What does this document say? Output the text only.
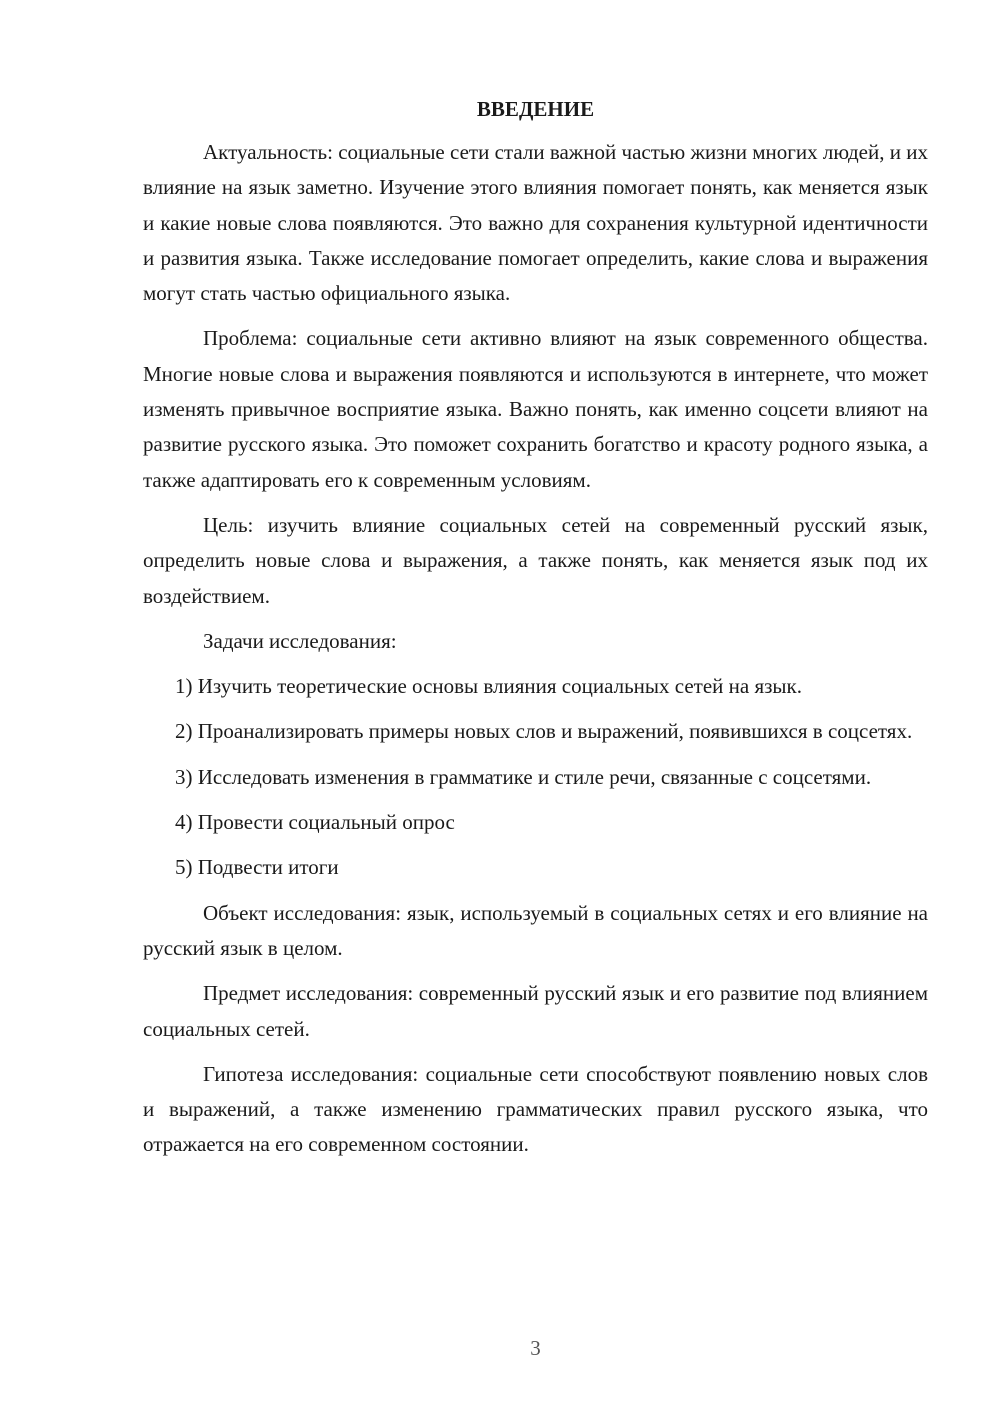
ВВЕДЕНИЕ

Актуальность: социальные сети стали важной частью жизни многих людей, и их влияние на язык заметно. Изучение этого влияния помогает понять, как меняется язык и какие новые слова появляются. Это важно для сохранения культурной идентичности и развития языка. Также исследование помогает определить, какие слова и выражения могут стать частью официального языка.

Проблема: социальные сети активно влияют на язык современного общества. Многие новые слова и выражения появляются и используются в интернете, что может изменять привычное восприятие языка. Важно понять, как именно соцсети влияют на развитие русского языка. Это поможет сохранить богатство и красоту родного языка, а также адаптировать его к современным условиям.

Цель: изучить влияние социальных сетей на современный русский язык, определить новые слова и выражения, а также понять, как меняется язык под их воздействием.

Задачи исследования:

1) Изучить теоретические основы влияния социальных сетей на язык.

2) Проанализировать примеры новых слов и выражений, появившихся в соцсетях.

3) Исследовать изменения в грамматике и стиле речи, связанные с соцсетями.

4) Провести социальный опрос

5) Подвести итоги

Объект исследования: язык, используемый в социальных сетях и его влияние на русский язык в целом.

Предмет исследования: современный русский язык и его развитие под влиянием социальных сетей.

Гипотеза исследования: социальные сети способствуют появлению новых слов и выражений, а также изменению грамматических правил русского языка, что отражается на его современном состоянии.

3
